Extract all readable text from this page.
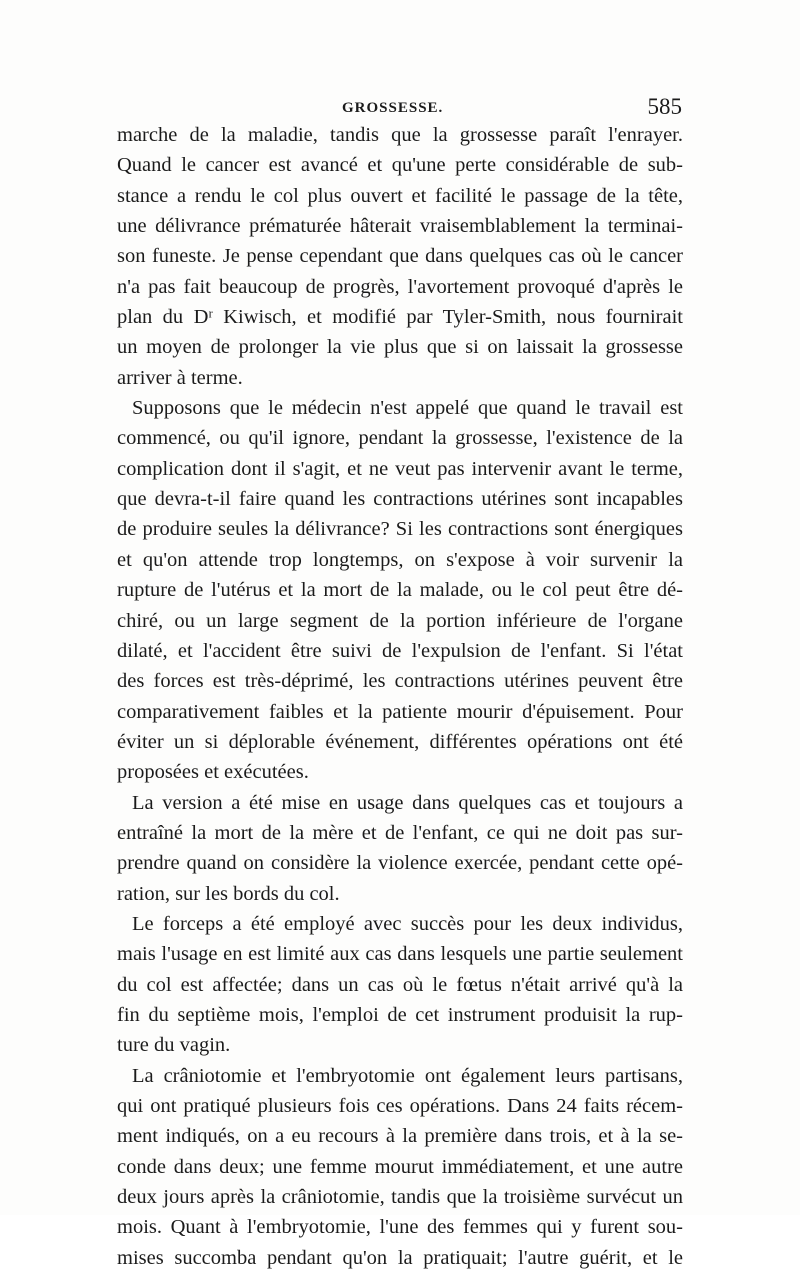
GROSSESSE.	585
marche de la maladie, tandis que la grossesse paraît l'enrayer.
Quand le cancer est avancé et qu'une perte considérable de sub-
stance a rendu le col plus ouvert et facilité le passage de la tête,
une délivrance prématurée hâterait vraisemblablement la terminai-
son funeste. Je pense cependant que dans quelques cas où le cancer
n'a pas fait beaucoup de progrès, l'avortement provoqué d'après le
plan du Dʳ Kiwisch, et modifié par Tyler-Smith, nous fournirait
un moyen de prolonger la vie plus que si on laissait la grossesse
arriver à terme.
Supposons que le médecin n'est appelé que quand le travail est
commencé, ou qu'il ignore, pendant la grossesse, l'existence de la
complication dont il s'agit, et ne veut pas intervenir avant le terme,
que devra-t-il faire quand les contractions utérines sont incapables
de produire seules la délivrance? Si les contractions sont énergiques
et qu'on attende trop longtemps, on s'expose à voir survenir la
rupture de l'utérus et la mort de la malade, ou le col peut être dé-
chiré, ou un large segment de la portion inférieure de l'organe
dilaté, et l'accident être suivi de l'expulsion de l'enfant. Si l'état
des forces est très-déprimé, les contractions utérines peuvent être
comparativement faibles et la patiente mourir d'épuisement. Pour
éviter un si déplorable événement, différentes opérations ont été
proposées et exécutées.
La version a été mise en usage dans quelques cas et toujours a
entraîné la mort de la mère et de l'enfant, ce qui ne doit pas sur-
prendre quand on considère la violence exercée, pendant cette opé-
ration, sur les bords du col.
Le forceps a été employé avec succès pour les deux individus,
mais l'usage en est limité aux cas dans lesquels une partie seulement
du col est affectée; dans un cas où le fœtus n'était arrivé qu'à la
fin du septième mois, l'emploi de cet instrument produisit la rup-
ture du vagin.
La crâniotomie et l'embryotomie ont également leurs partisans,
qui ont pratiqué plusieurs fois ces opérations. Dans 24 faits récem-
ment indiqués, on a eu recours à la première dans trois, et à la se-
conde dans deux; une femme mourut immédiatement, et une autre
deux jours après la crâniotomie, tandis que la troisième survécut un
mois. Quant à l'embryotomie, l'une des femmes qui y furent sou-
mises succomba pendant qu'on la pratiquait; l'autre guérit, et le
